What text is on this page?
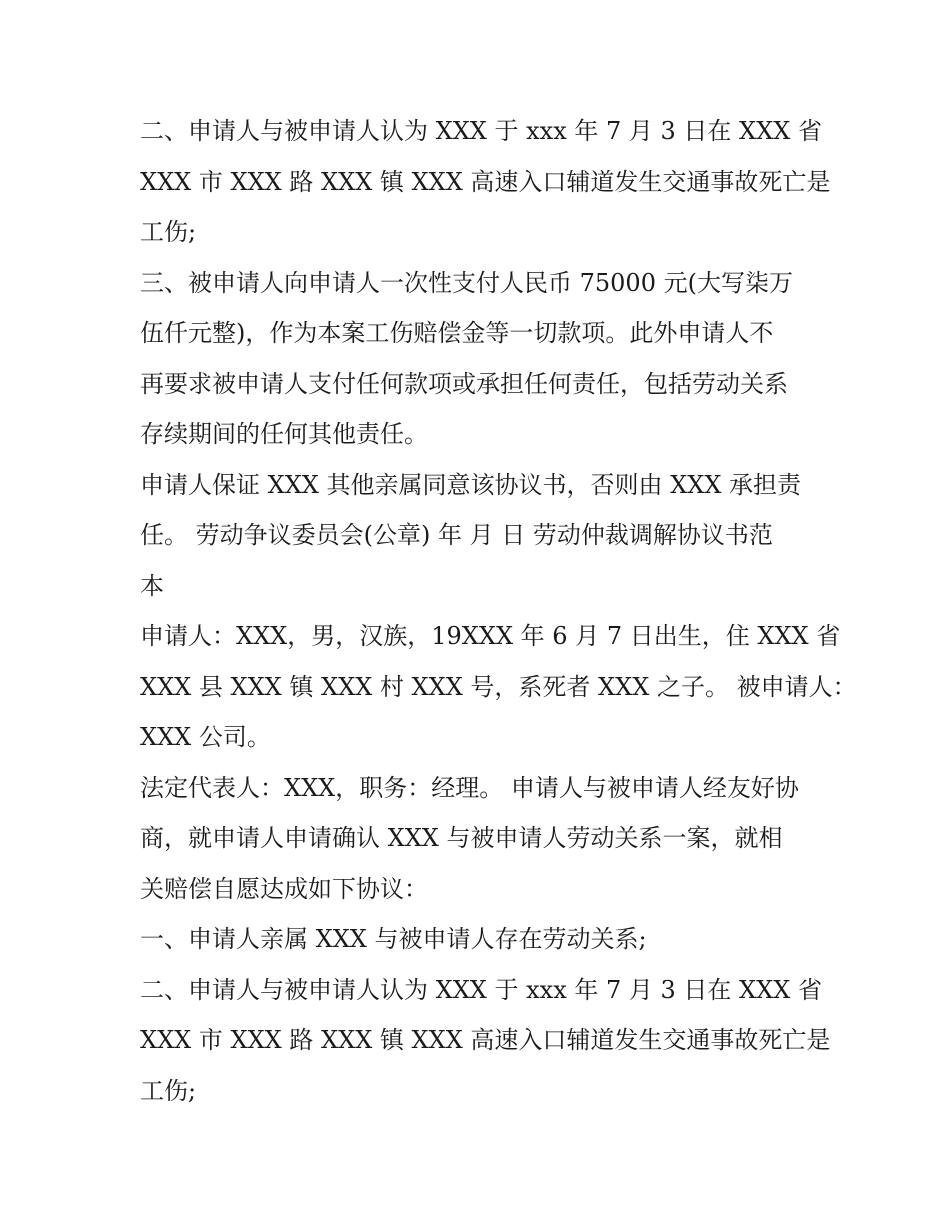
二、申请人与被申请人认为 XXX 于 xxx 年 7 月 3 日在 XXX 省
XXX 市 XXX 路 XXX 镇 XXX 高速入口辅道发生交通事故死亡是
工伤;
三、被申请人向申请人一次性支付人民币 75000 元(大写柒万
伍仟元整)，作为本案工伤赔偿金等一切款项。此外申请人不
再要求被申请人支付任何款项或承担任何责任，包括劳动关系
存续期间的任何其他责任。
申请人保证 XXX 其他亲属同意该协议书，否则由 XXX 承担责
任。 劳动争议委员会(公章) 年 月 日 劳动仲裁调解协议书范
本
申请人：XXX，男，汉族，19XXX 年 6 月 7 日出生，住 XXX 省
XXX 县 XXX 镇 XXX 村 XXX 号，系死者 XXX 之子。 被申请人：
XXX 公司。
法定代表人：XXX，职务：经理。 申请人与被申请人经友好协
商，就申请人申请确认 XXX 与被申请人劳动关系一案，就相
关赔偿自愿达成如下协议：
一、申请人亲属 XXX 与被申请人存在劳动关系;
二、申请人与被申请人认为 XXX 于 xxx 年 7 月 3 日在 XXX 省
XXX 市 XXX 路 XXX 镇 XXX 高速入口辅道发生交通事故死亡是
工伤;
